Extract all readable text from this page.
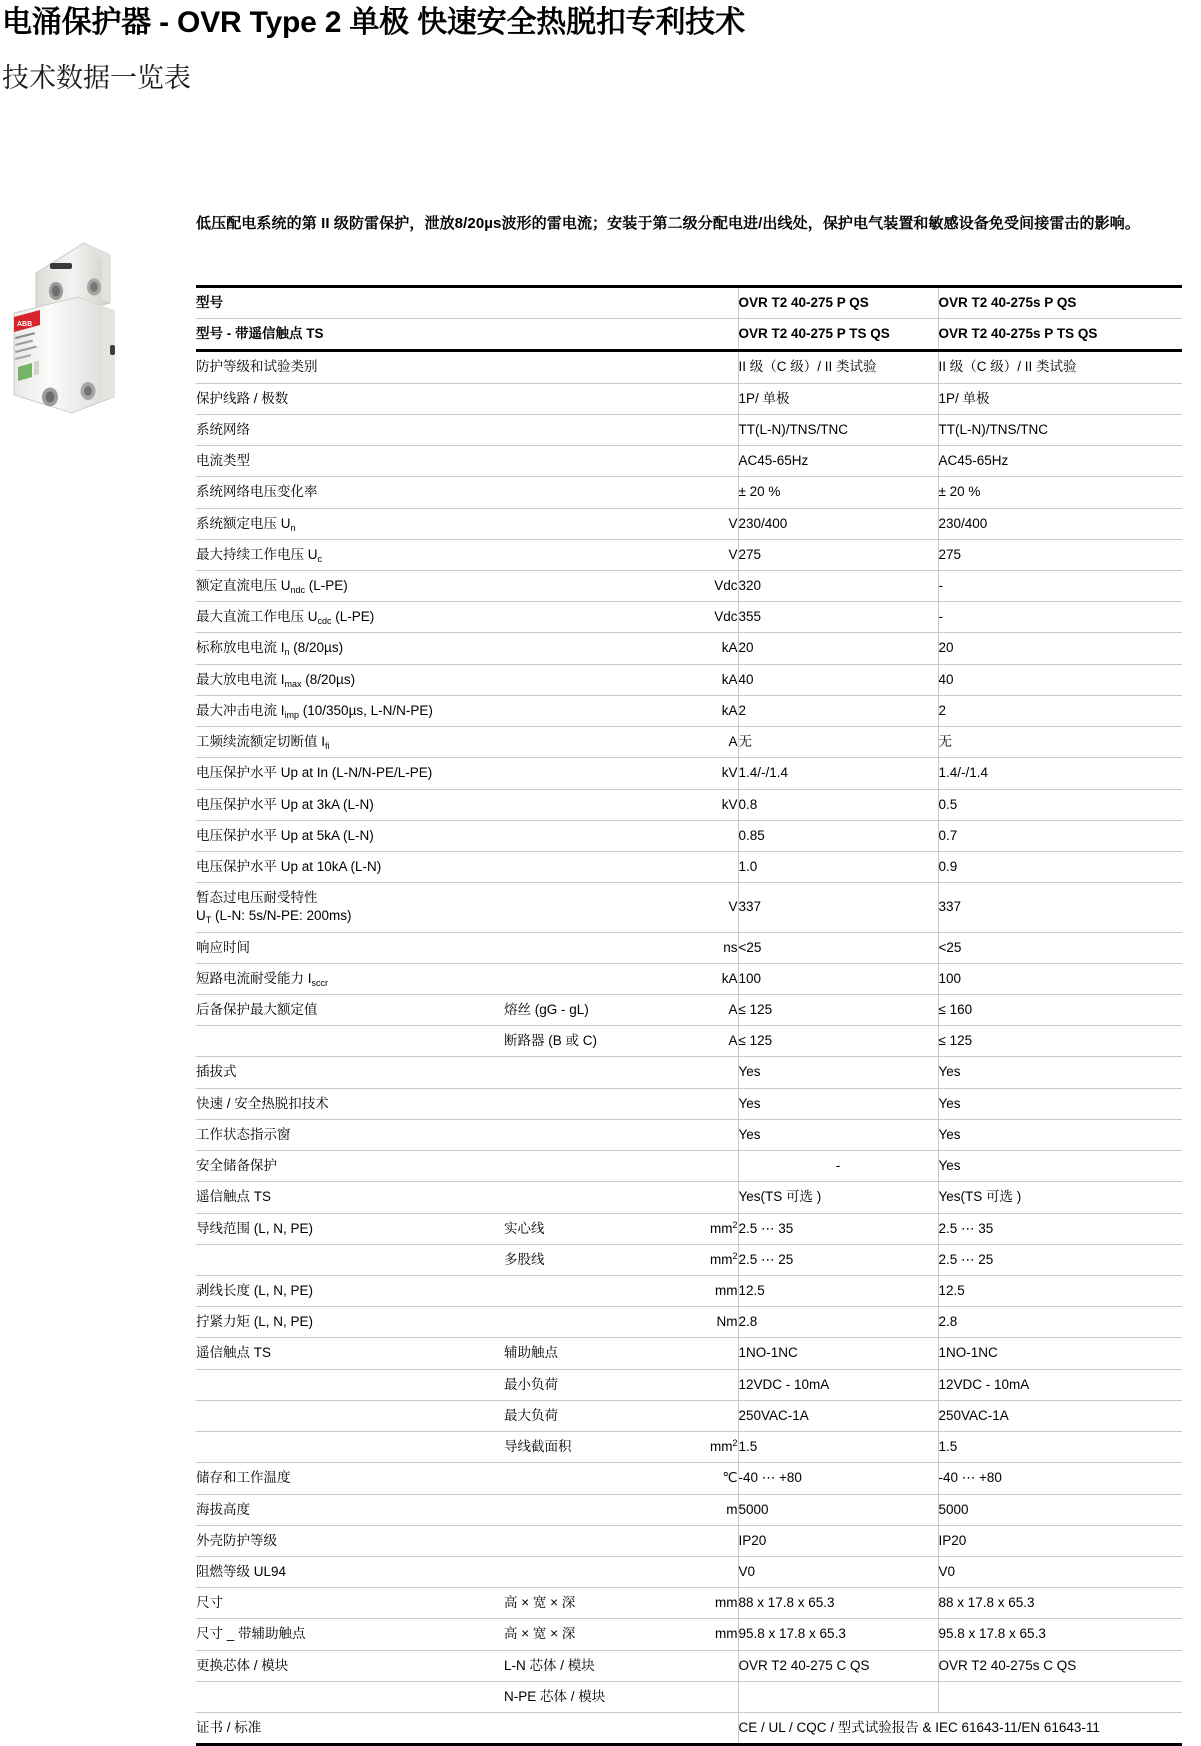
电涌保护器 - OVR Type 2 单极 快速安全热脱扣专利技术
技术数据一览表
ABB
低压配电系统的第 II 级防雷保护，泄放8/20µs波形的雷电流；安装于第二级分配电进/出线处，保护电气装置和敏感设备免受间接雷击的影响。
型号			OVR T2 40-275 P QS	OVR T2 40-275s P QS
型号 - 带遥信触点 TS			OVR T2 40-275 P TS QS	OVR T2 40-275s P TS QS
防护等级和试验类别			II 级（C 级）/ II 类试验	II 级（C 级）/ II 类试验
保护线路 / 极数			1P/ 单极	1P/ 单极
系统网络			TT(L-N)/TNS/TNC	TT(L-N)/TNS/TNC
电流类型			AC45-65Hz	AC45-65Hz
系统网络电压变化率			± 20 %	± 20 %
系统额定电压 $U_n$		V	230/400	230/400
最大持续工作电压 $U_c$		V	275	275
额定直流电压 $U_{ndc}$ (L-PE)		Vdc	320	-
最大直流工作电压 $U_{cdc}$ (L-PE)		Vdc	355	-
标称放电电流 $I_n$ (8/20µs)		kA	20	20
最大放电电流 $I_{max}$ (8/20µs)		kA	40	40
最大冲击电流 $I_{imp}$ (10/350µs, L-N/N-PE)		kA	2	2
工频续流额定切断值 $I_{fi}$		A	无	无
电压保护水平 Up at In (L-N/N-PE/L-PE)		kV	1.4/-/1.4	1.4/-/1.4
电压保护水平 Up at 3kA (L-N)		kV	0.8	0.5
电压保护水平 Up at 5kA (L-N)			0.85	0.7
电压保护水平 Up at 10kA (L-N)			1.0	0.9
暂态过电压耐受特性
$U_T$ (L-N: 5s/N-PE: 200ms)		V	337	337
响应时间		ns	<25	<25
短路电流耐受能力 $I_{sccr}$		kA	100	100
后备保护最大额定值	熔丝 (gG - gL)	A	≤ 125	≤ 160
	断路器 (B 或 C)	A	≤ 125	≤ 125
插拔式			Yes	Yes
快速 / 安全热脱扣技术			Yes	Yes
工作状态指示窗			Yes	Yes
安全储备保护			-	Yes
遥信触点 TS			Yes(TS 可选 )	Yes(TS 可选 )
导线范围 (L, N, PE)	实心线	$mm^2$	2.5 ⋯ 35	2.5 ⋯ 35
	多股线	$mm^2$	2.5 ⋯ 25	2.5 ⋯ 25
剥线长度 (L, N, PE)		mm	12.5	12.5
拧紧力矩 (L, N, PE)		Nm	2.8	2.8
遥信触点 TS	辅助触点		1NO-1NC	1NO-1NC
	最小负荷		12VDC - 10mA	12VDC - 10mA
	最大负荷		250VAC-1A	250VAC-1A
	导线截面积	$mm^2$	1.5	1.5
储存和工作温度		℃	-40 ⋯ +80	-40 ⋯ +80
海拔高度		m	5000	5000
外壳防护等级			IP20	IP20
阻燃等级 UL94			V0	V0
尺寸	高 × 宽 × 深	mm	88 x 17.8 x 65.3	88 x 17.8 x 65.3
尺寸 _ 带辅助触点	高 × 宽 × 深	mm	95.8 x 17.8 x 65.3	95.8 x 17.8 x 65.3
更换芯体 / 模块	L-N 芯体 / 模块		OVR T2 40-275 C QS	OVR T2 40-275s C QS
	N-PE 芯体 / 模块			
证书 / 标准			CE / UL / CQC / 型式试验报告 & IEC 61643-11/EN 61643-11	
